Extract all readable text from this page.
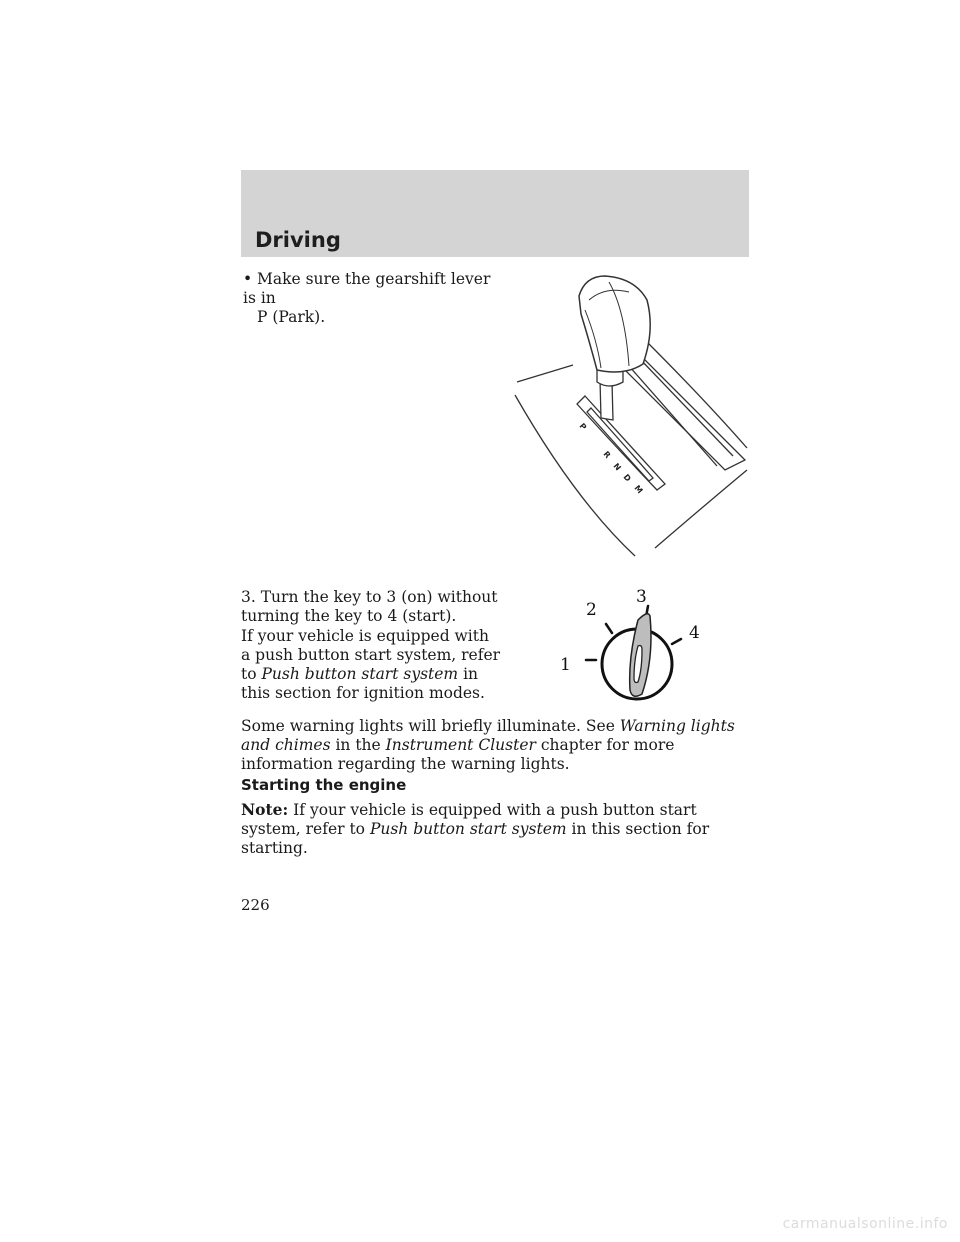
Driving

• Make sure the gearshift lever is in
P (Park).

P
R
N
D
M

3. Turn the key to 3 (on) without turning the key to 4 (start).

If your vehicle is equipped with a push button start system, refer to Push button start system in this section for ignition modes.

1
2
3
4

Some warning lights will briefly illuminate. See Warning lights and chimes in the Instrument Cluster chapter for more information regarding the warning lights.

Starting the engine

Note: If your vehicle is equipped with a push button start system, refer to Push button start system in this section for starting.

226
carmanualsonline.info
